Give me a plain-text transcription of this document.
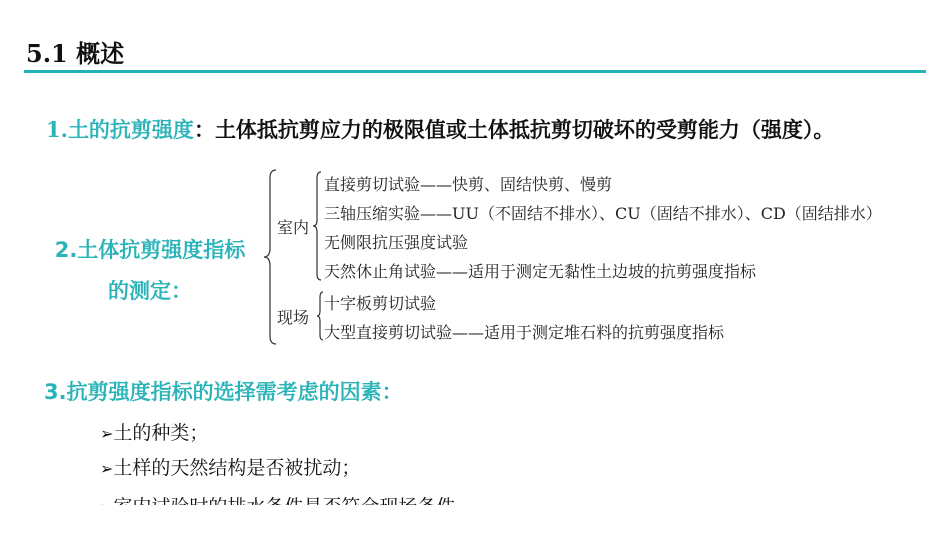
5.1 概述
1.土的抗剪强度：土体抵抗剪应力的极限值或土体抵抗剪切破坏的受剪能力（强度）。
2.土体抗剪强度指标
的测定：
室内
直接剪切试验——快剪、固结快剪、慢剪
三轴压缩实验——UU（不固结不排水）、CU（固结不排水）、CD（固结排水）
无侧限抗压强度试验
天然休止角试验——适用于测定无黏性土边坡的抗剪强度指标
现场
十字板剪切试验
大型直接剪切试验——适用于测定堆石料的抗剪强度指标
3.抗剪强度指标的选择需考虑的因素：
➢土的种类；
➢土样的天然结构是否被扰动；
